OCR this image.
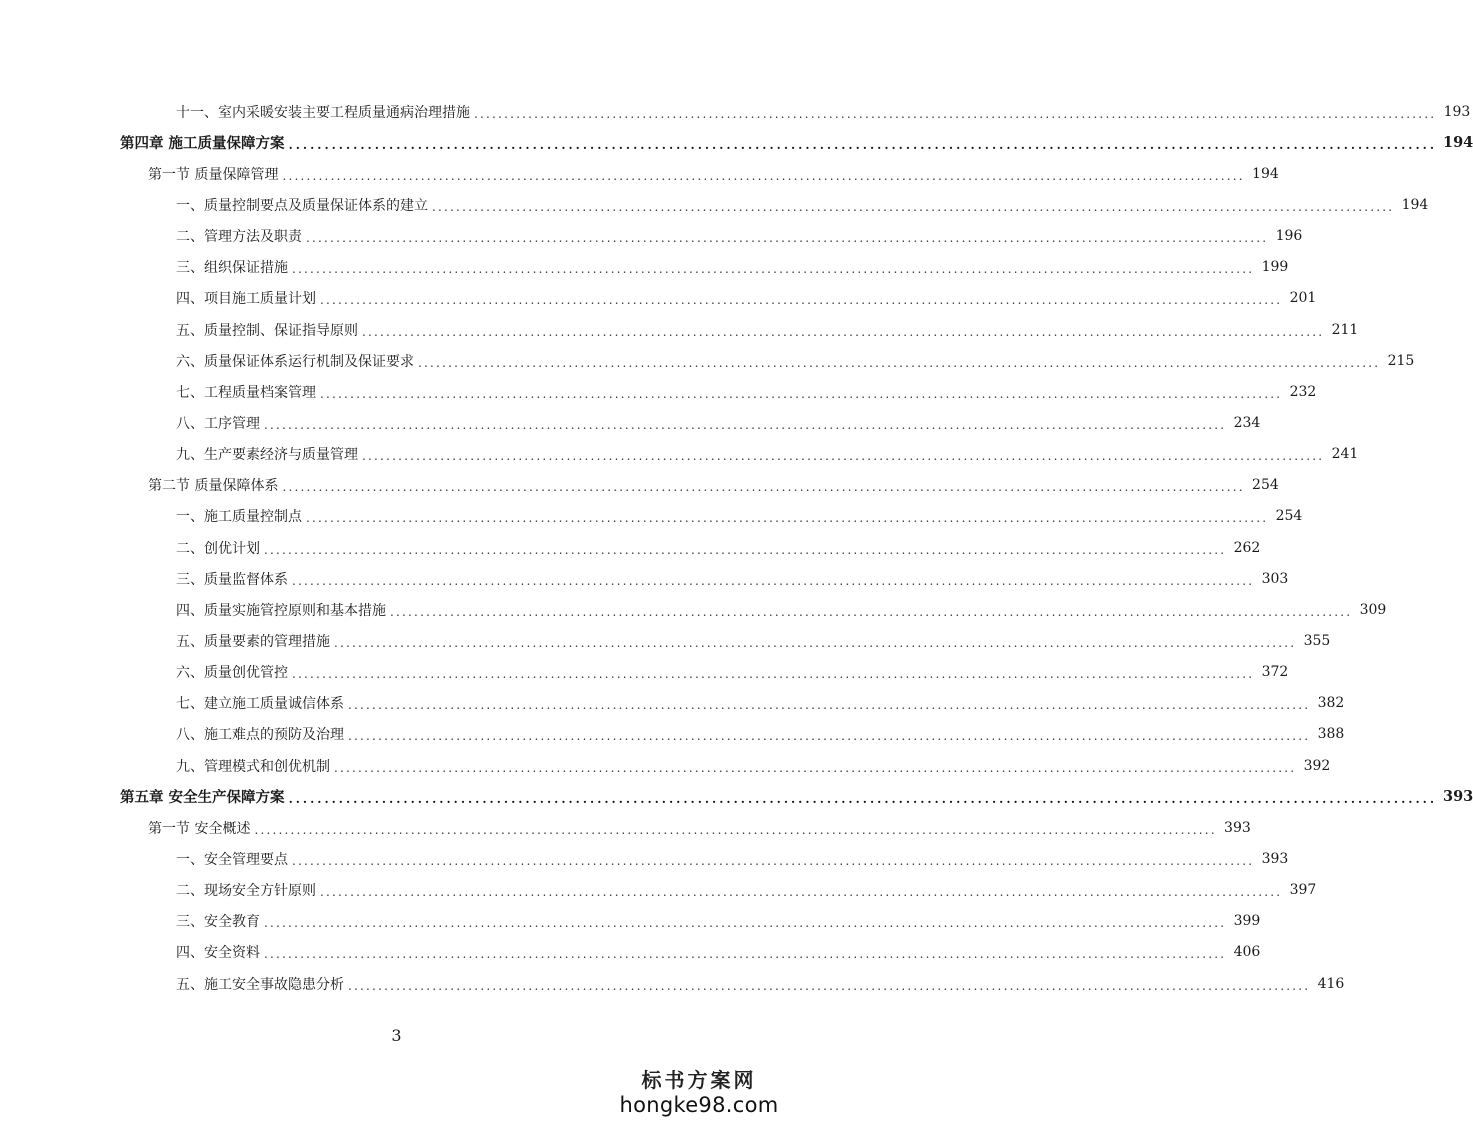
十一、室内采暖安装主要工程质量通病治理措施 ................................................................................................................................................................ 193
第四章 施工质量保障方案 ................................................................................................................................................................ 194
第一节 质量保障管理 ................................................................................................................................................................ 194
一、质量控制要点及质量保证体系的建立 ................................................................................................................................................................ 194
二、管理方法及职责 ................................................................................................................................................................ 196
三、组织保证措施 ................................................................................................................................................................ 199
四、项目施工质量计划 ................................................................................................................................................................ 201
五、质量控制、保证指导原则 ................................................................................................................................................................ 211
六、质量保证体系运行机制及保证要求 ................................................................................................................................................................ 215
七、工程质量档案管理 ................................................................................................................................................................ 232
八、工序管理 ................................................................................................................................................................ 234
九、生产要素经济与质量管理 ................................................................................................................................................................ 241
第二节 质量保障体系 ................................................................................................................................................................ 254
一、施工质量控制点 ................................................................................................................................................................ 254
二、创优计划 ................................................................................................................................................................ 262
三、质量监督体系 ................................................................................................................................................................ 303
四、质量实施管控原则和基本措施 ................................................................................................................................................................ 309
五、质量要素的管理措施 ................................................................................................................................................................ 355
六、质量创优管控 ................................................................................................................................................................ 372
七、建立施工质量诚信体系 ................................................................................................................................................................ 382
八、施工难点的预防及治理 ................................................................................................................................................................ 388
九、管理模式和创优机制 ................................................................................................................................................................ 392
第五章 安全生产保障方案 ................................................................................................................................................................ 393
第一节 安全概述 ................................................................................................................................................................ 393
一、安全管理要点 ................................................................................................................................................................ 393
二、现场安全方针原则 ................................................................................................................................................................ 397
三、安全教育 ................................................................................................................................................................ 399
四、安全资料 ................................................................................................................................................................ 406
五、施工安全事故隐患分析 ................................................................................................................................................................ 416
3
标书方案网
hongke98.com
